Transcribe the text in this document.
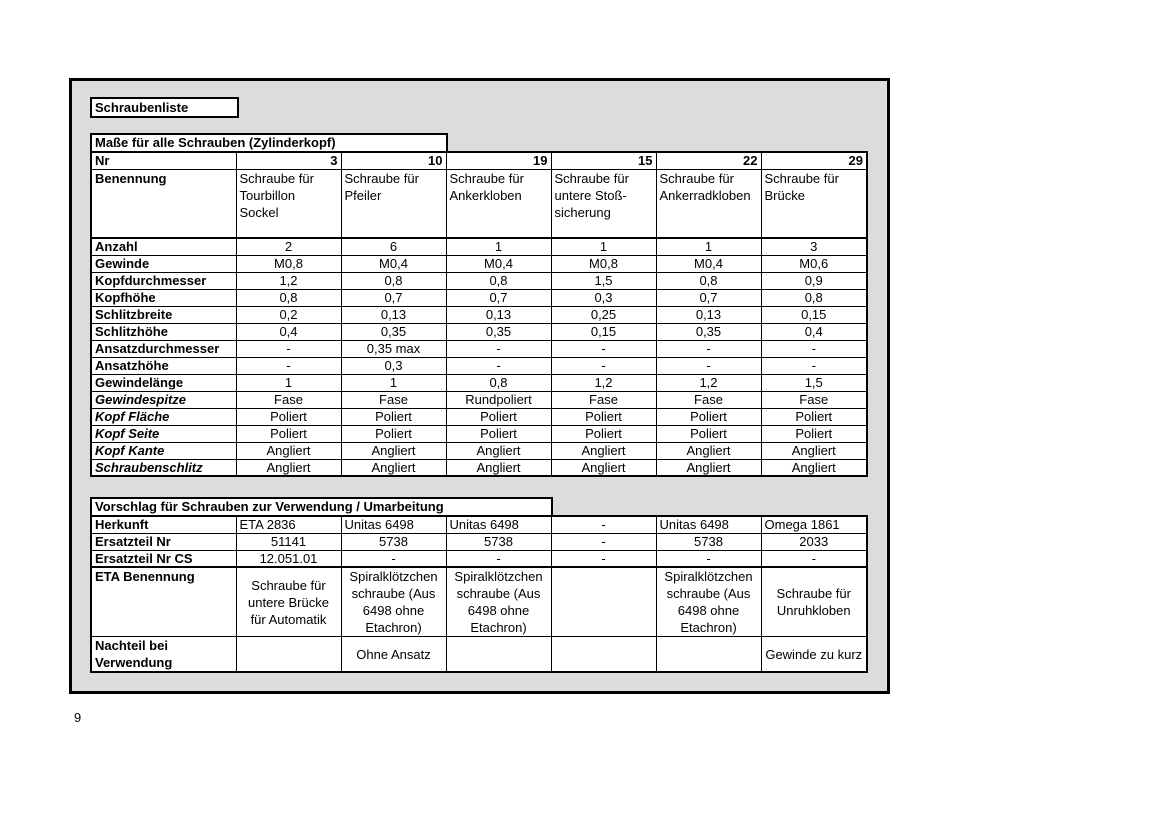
Schraubenliste
Maße für alle Schrauben (Zylinderkopf)
Nr	3	10	19	15	22	29
Benennung	Schraube für Tourbillon Sockel	Schraube für Pfeiler	Schraube für Ankerkloben	Schraube für untere Stoß-sicherung	Schraube für Ankerradkloben	Schraube für Brücke
Anzahl	2	6	1	1	1	3
Gewinde	M0,8	M0,4	M0,4	M0,8	M0,4	M0,6
Kopfdurchmesser	1,2	0,8	0,8	1,5	0,8	0,9
Kopfhöhe	0,8	0,7	0,7	0,3	0,7	0,8
Schlitzbreite	0,2	0,13	0,13	0,25	0,13	0,15
Schlitzhöhe	0,4	0,35	0,35	0,15	0,35	0,4
Ansatzdurchmesser	-	0,35 max	-	-	-	-
Ansatzhöhe	-	0,3	-	-	-	-
Gewindelänge	1	1	0,8	1,2	1,2	1,5
Gewindespitze	Fase	Fase	Rundpoliert	Fase	Fase	Fase
Kopf Fläche	Poliert	Poliert	Poliert	Poliert	Poliert	Poliert
Kopf Seite	Poliert	Poliert	Poliert	Poliert	Poliert	Poliert
Kopf Kante	Angliert	Angliert	Angliert	Angliert	Angliert	Angliert
Schraubenschlitz	Angliert	Angliert	Angliert	Angliert	Angliert	Angliert
Vorschlag für Schrauben zur Verwendung / Umarbeitung
Herkunft	ETA 2836	Unitas 6498	Unitas 6498	-	Unitas 6498	Omega 1861
Ersatzteil Nr	51141	5738	5738	-	5738	2033
Ersatzteil Nr CS	12.051.01	-	-	-	-	-
ETA Benennung	Schraube für untere Brücke für Automatik	Spiralklötzchen schraube (Aus 6498 ohne Etachron)	Spiralklötzchen schraube (Aus 6498 ohne Etachron)		Spiralklötzchen schraube (Aus 6498 ohne Etachron)	Schraube für Unruhkloben
Nachteil bei Verwendung		Ohne Ansatz				Gewinde zu kurz
6
